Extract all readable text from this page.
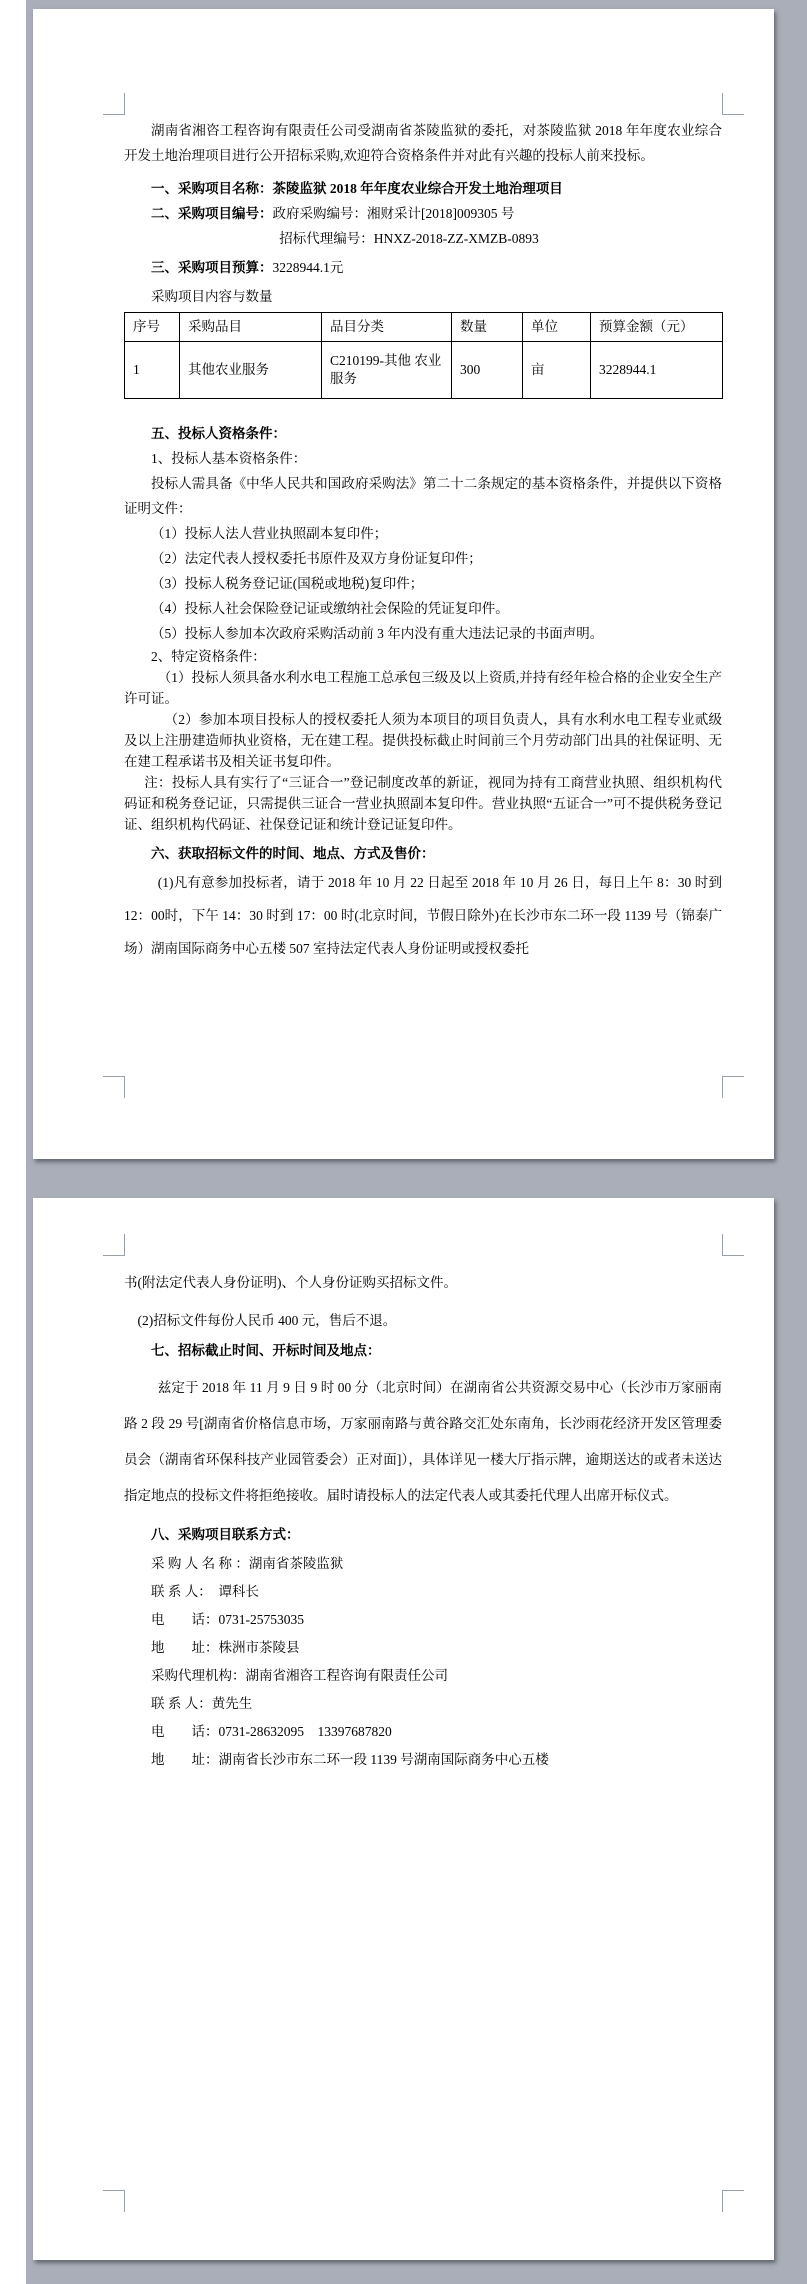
湖南省湘咨工程咨询有限责任公司受湖南省茶陵监狱的委托，对茶陵监狱 2018 年年度农业综合开发土地治理项目进行公开招标采购,欢迎符合资格条件并对此有兴趣的投标人前来投标。

一、采购项目名称：茶陵监狱 2018 年年度农业综合开发土地治理项目

二、采购项目编号：政府采购编号：湘财采计[2018]009305 号

招标代理编号：HNXZ-2018-ZZ-XMZB-0893

三、采购项目预算：3228944.1元

采购项目内容与数量

序号	采购品目	品目分类	数量	单位	预算金额（元）
1	其他农业服务	C210199-其他 农业服务	300	亩	3228944.1

五、投标人资格条件：

1、投标人基本资格条件：

投标人需具备《中华人民共和国政府采购法》第二十二条规定的基本资格条件，并提供以下资格证明文件：

（1）投标人法人营业执照副本复印件；

（2）法定代表人授权委托书原件及双方身份证复印件；

（3）投标人税务登记证(国税或地税)复印件；

（4）投标人社会保险登记证或缴纳社会保险的凭证复印件。

（5）投标人参加本次政府采购活动前 3 年内没有重大违法记录的书面声明。

2、特定资格条件：

（1）投标人须具备水利水电工程施工总承包三级及以上资质,并持有经年检合格的企业安全生产许可证。

（2）参加本项目投标人的授权委托人须为本项目的项目负责人，具有水利水电工程专业贰级及以上注册建造师执业资格，无在建工程。提供投标截止时间前三个月劳动部门出具的社保证明、无在建工程承诺书及相关证书复印件。

注：投标人具有实行了“三证合一”登记制度改革的新证，视同为持有工商营业执照、组织机构代码证和税务登记证，只需提供三证合一营业执照副本复印件。营业执照“五证合一”可不提供税务登记证、组织机构代码证、社保登记证和统计登记证复印件。

六、获取招标文件的时间、地点、方式及售价：

(1)凡有意参加投标者，请于 2018 年 10 月 22 日起至 2018 年 10 月 26 日，每日上午 8：30 时到 12：00时，下午 14：30 时到 17：00 时(北京时间，节假日除外)在长沙市东二环一段 1139 号（锦泰广场）湖南国际商务中心五楼 507 室持法定代表人身份证明或授权委托

书(附法定代表人身份证明)、个人身份证购买招标文件。

(2)招标文件每份人民币 400 元，售后不退。

七、招标截止时间、开标时间及地点：

兹定于 2018 年 11 月 9 日 9 时 00 分（北京时间）在湖南省公共资源交易中心（长沙市万家丽南路 2 段 29 号[湖南省价格信息市场，万家丽南路与黄谷路交汇处东南角，长沙雨花经济开发区管理委员会（湖南省环保科技产业园管委会）正对面]），具体详见一楼大厅指示牌，逾期送达的或者未送达指定地点的投标文件将拒绝接收。届时请投标人的法定代表人或其委托代理人出席开标仪式。

八、采购项目联系方式：

采 购 人 名 称 ：湖南省茶陵监狱

联 系 人：　谭科长

电　　话：0731-25753035

地　　址：株洲市茶陵县

采购代理机构：湖南省湘咨工程咨询有限责任公司

联 系 人：黄先生

电　　话：0731-28632095　13397687820

地　　址：湖南省长沙市东二环一段 1139 号湖南国际商务中心五楼
